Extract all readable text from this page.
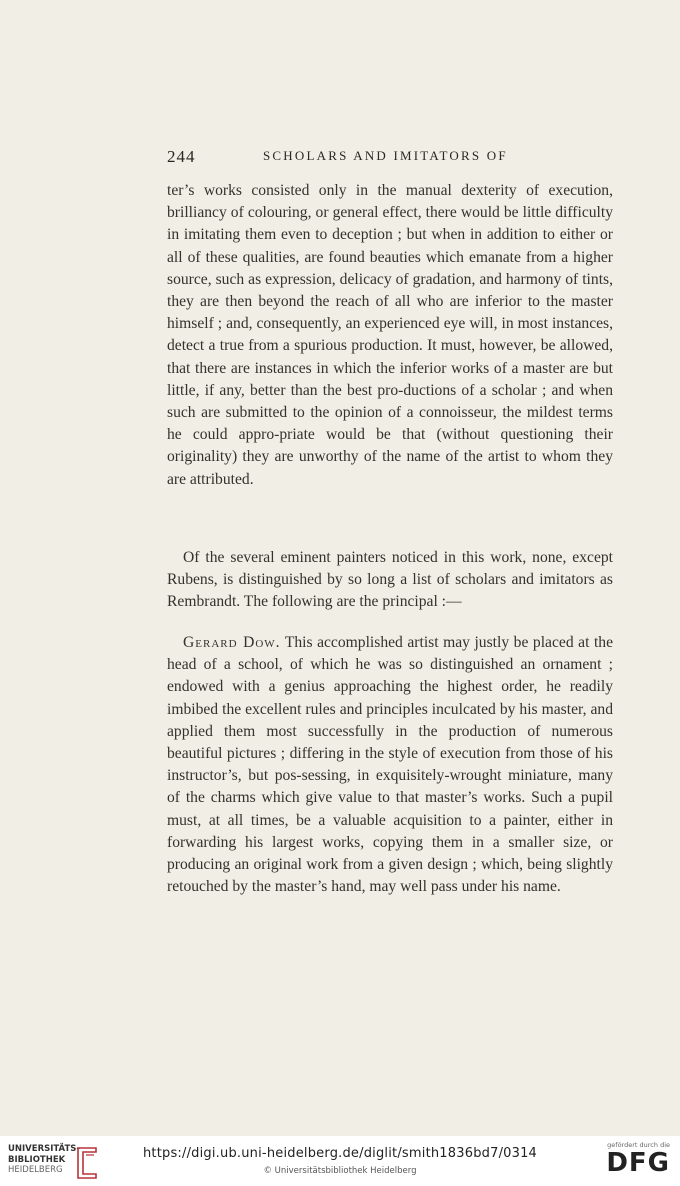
244	SCHOLARS AND IMITATORS OF

ter’s works consisted only in the manual dexterity of execution, brilliancy of colouring, or general effect, there would be little difficulty in imitating them even to deception ; but when in addition to either or all of these qualities, are found beauties which emanate from a higher source, such as expression, delicacy of gradation, and harmony of tints, they are then beyond the reach of all who are inferior to the master himself ; and, consequently, an experienced eye will, in most instances, detect a true from a spurious production. It must, however, be allowed, that there are instances in which the inferior works of a master are but little, if any, better than the best pro-ductions of a scholar ; and when such are submitted to the opinion of a connoisseur, the mildest terms he could appro-priate would be that (without questioning their originality) they are unworthy of the name of the artist to whom they are attributed.

Of the several eminent painters noticed in this work, none, except Rubens, is distinguished by so long a list of scholars and imitators as Rembrandt. The following are the principal :—

Gerard Dow. This accomplished artist may justly be placed at the head of a school, of which he was so distinguished an ornament ; endowed with a genius approaching the highest order, he readily imbibed the excellent rules and principles inculcated by his master, and applied them most successfully in the production of numerous beautiful pictures ; differing in the style of execution from those of his instructor’s, but pos-sessing, in exquisitely-wrought miniature, many of the charms which give value to that master’s works. Such a pupil must, at all times, be a valuable acquisition to a painter, either in forwarding his largest works, copying them in a smaller size, or producing an original work from a given design ; which, being slightly retouched by the master’s hand, may well pass under his name.

UNIVERSITÄTS-
BIBLIOTHEK
HEIDELBERG
https://digi.ub.uni-heidelberg.de/diglit/smith1836bd7/0314
© Universitätsbibliothek Heidelberg
gefördert durch die
DFG
